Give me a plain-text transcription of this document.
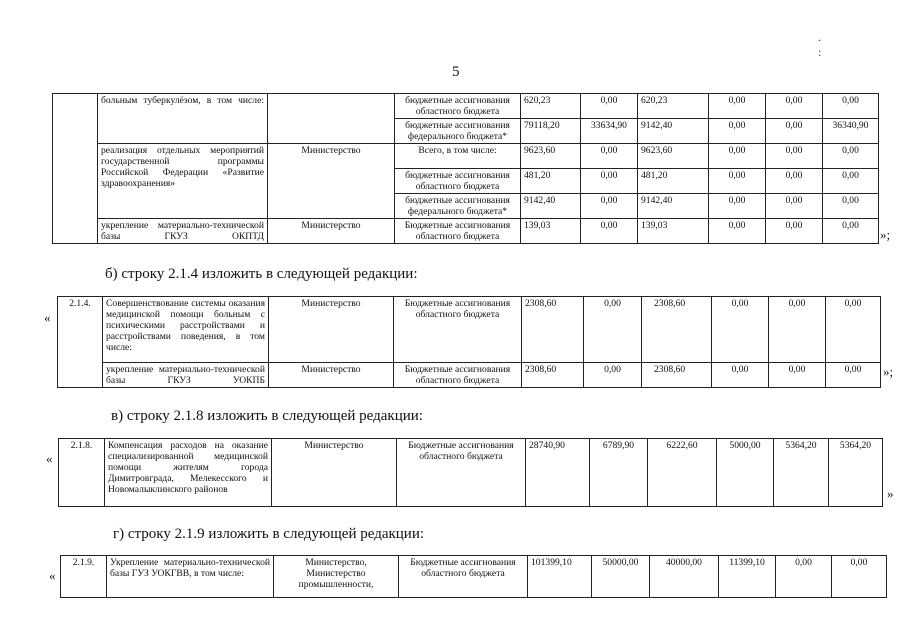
5
. :
	больным туберкулёзом, в том числе:		бюджетные ассигнования областного бюджета	620,23	0,00	620,23	0,00	0,00	0,00
			бюджетные ассигнования федерального бюджета*	79118,20	33634,90	9142,40	0,00	0,00	36340,90
	реализация отдельных мероприятий государственной программы Российской Федерации «Развитие здравоохранения»	Министерство	Всего, в том числе:	9623,60	0,00	9623,60	0,00	0,00	0,00
			бюджетные ассигнования областного бюджета	481,20	0,00	481,20	0,00	0,00	0,00
			бюджетные ассигнования федерального бюджета*	9142,40	0,00	9142,40	0,00	0,00	0,00
	укрепление материально-технической базы ГКУЗ ОКПТД	Министерство	Бюджетные ассигнования областного бюджета	139,03	0,00	139,03	0,00	0,00	0,00
»;
б) строку 2.1.4 изложить в следующей редакции:
«
2.1.4.	Совершенствование системы оказания медицинской помощи больным с психическими расстройствами и расстройствами поведения, в том числе:	Министерство	Бюджетные ассигнования областного бюджета	2308,60	0,00	2308,60	0,00	0,00	0,00
	укрепление материально-технической базы ГКУЗ УОКПБ	Министерство	Бюджетные ассигнования областного бюджета	2308,60	0,00	2308,60	0,00	0,00	0,00 »;
в) строку 2.1.8 изложить в следующей редакции:
«
2.1.8.	Компенсация расходов на оказание специализированной медицинской помощи жителям города Димитровграда, Мелекесского и Новомалыклинского районов	Министерство	Бюджетные ассигнования областного бюджета	28740,90	6789,90	6222,60	5000,00	5364,20	5364,20
»
г) строку 2.1.9 изложить в следующей редакции:
«
2.1.9.	Укрепление материально-технической базы ГУЗ УОКГВВ, в том числе:	Министерство, Министерство промышленности,	Бюджетные ассигнования областного бюджета	101399,10	50000,00	40000,00	11399,10	0,00	0,00
